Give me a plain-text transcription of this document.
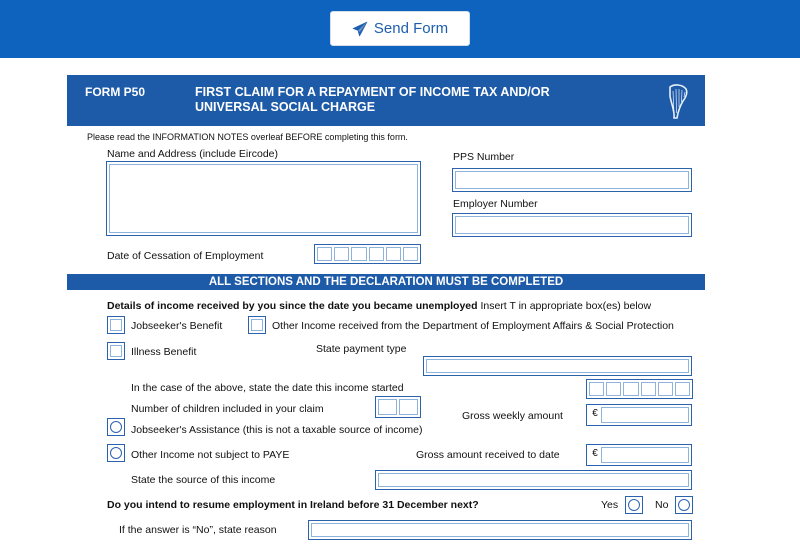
Send Form
FORM P50	FIRST CLAIM FOR A REPAYMENT OF INCOME TAX AND/OR UNIVERSAL SOCIAL CHARGE
Please read the INFORMATION NOTES overleaf BEFORE completing this form.
Name and Address (include Eircode)	PPS Number
Employer Number
Date of Cessation of Employment
ALL SECTIONS AND THE DECLARATION MUST BE COMPLETED
Details of income received by you since the date you became unemployed Insert T in appropriate box(es) below
Jobseeker's Benefit	Other Income received from the Department of Employment Affairs & Social Protection
Illness Benefit	State payment type
In the case of the above, state the date this income started
Number of children included in your claim
Gross weekly amount	€
Jobseeker's Assistance (this is not a taxable source of income)
Other Income not subject to PAYE	Gross amount received to date	€
State the source of this income
Do you intend to resume employment in Ireland before 31 December next?	Yes	No
If the answer is “No”, state reason
